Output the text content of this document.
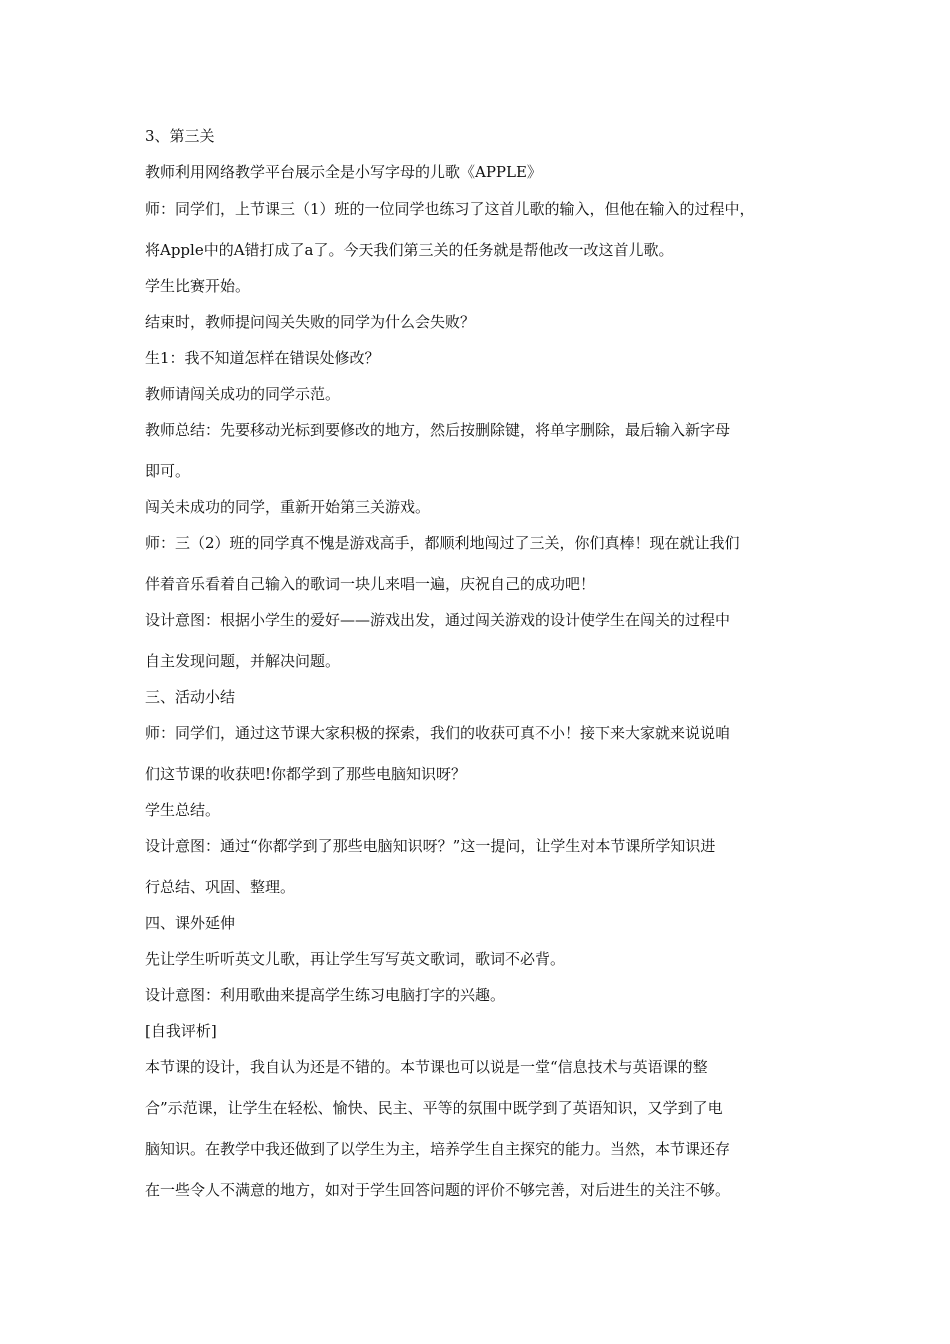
3、第三关
教师利用网络教学平台展示全是小写字母的儿歌《APPLE》
师：同学们，上节课三（1）班的一位同学也练习了这首儿歌的输入，但他在输入的过程中，
将Apple中的A错打成了a了。今天我们第三关的任务就是帮他改一改这首儿歌。
学生比赛开始。
结束时，教师提问闯关失败的同学为什么会失败？
生1：我不知道怎样在错误处修改？
教师请闯关成功的同学示范。
教师总结：先要移动光标到要修改的地方，然后按删除键，将单字删除，最后输入新字母
即可。
闯关未成功的同学，重新开始第三关游戏。
师：三（2）班的同学真不愧是游戏高手，都顺利地闯过了三关，你们真棒！现在就让我们
伴着音乐看着自己输入的歌词一块儿来唱一遍，庆祝自己的成功吧！
设计意图：根据小学生的爱好——游戏出发，通过闯关游戏的设计使学生在闯关的过程中
自主发现问题，并解决问题。
三、活动小结
师：同学们，通过这节课大家积极的探索，我们的收获可真不小！接下来大家就来说说咱
们这节课的收获吧!你都学到了那些电脑知识呀？
学生总结。
设计意图：通过“你都学到了那些电脑知识呀？”这一提问，让学生对本节课所学知识进
行总结、巩固、整理。
四、课外延伸
先让学生听听英文儿歌，再让学生写写英文歌词，歌词不必背。
设计意图：利用歌曲来提高学生练习电脑打字的兴趣。
[自我评析]
本节课的设计，我自认为还是不错的。本节课也可以说是一堂“信息技术与英语课的整
合”示范课，让学生在轻松、愉快、民主、平等的氛围中既学到了英语知识，又学到了电
脑知识。在教学中我还做到了以学生为主，培养学生自主探究的能力。当然，本节课还存
在一些令人不满意的地方，如对于学生回答问题的评价不够完善，对后进生的关注不够。
